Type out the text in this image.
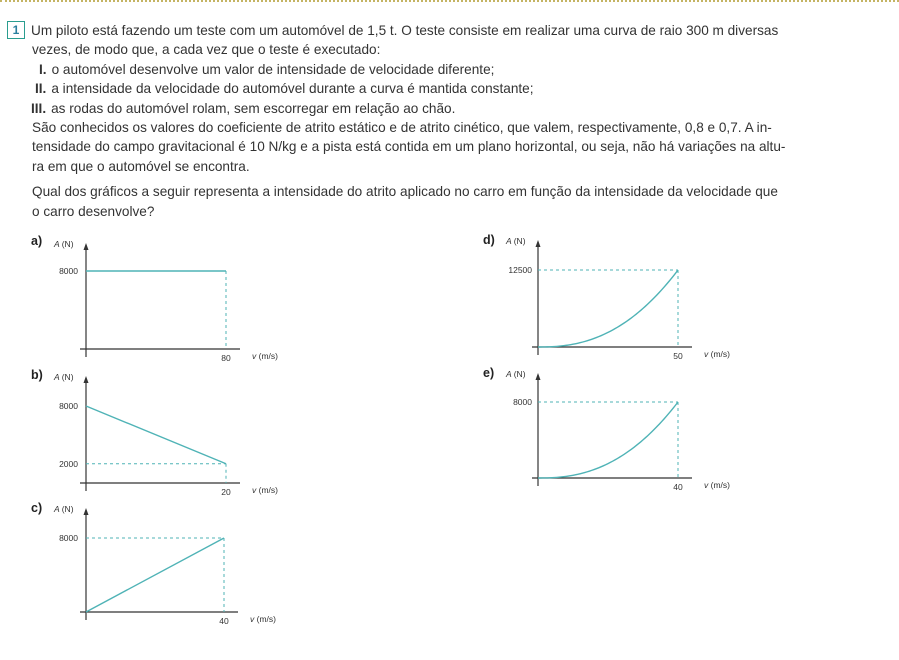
1 Um piloto está fazendo um teste com um automóvel de 1,5 t. O teste consiste em realizar uma curva de raio 300 m diversas
vezes, de modo que, a cada vez que o teste é executado:
I. o automóvel desenvolve um valor de intensidade de velocidade diferente;
II. a intensidade da velocidade do automóvel durante a curva é mantida constante;
III. as rodas do automóvel rolam, sem escorregar em relação ao chão.
São conhecidos os valores do coeficiente de atrito estático e de atrito cinético, que valem, respectivamente, 0,8 e 0,7. A in-
tensidade do campo gravitacional é 10 N/kg e a pista está contida em um plano horizontal, ou seja, não há variações na altu-
ra em que o automóvel se encontra.
Qual dos gráficos a seguir representa a intensidade do atrito aplicado no carro em função da intensidade da velocidade que
o carro desenvolve?
a) A (N)
v (m/s)
80
8000
b) A (N)
v (m/s)
20
8000
2000
c) A (N)
v (m/s)
40
8000
d) A (N)
v (m/s)
50
12500
e) A (N)
v (m/s)
40
8000
